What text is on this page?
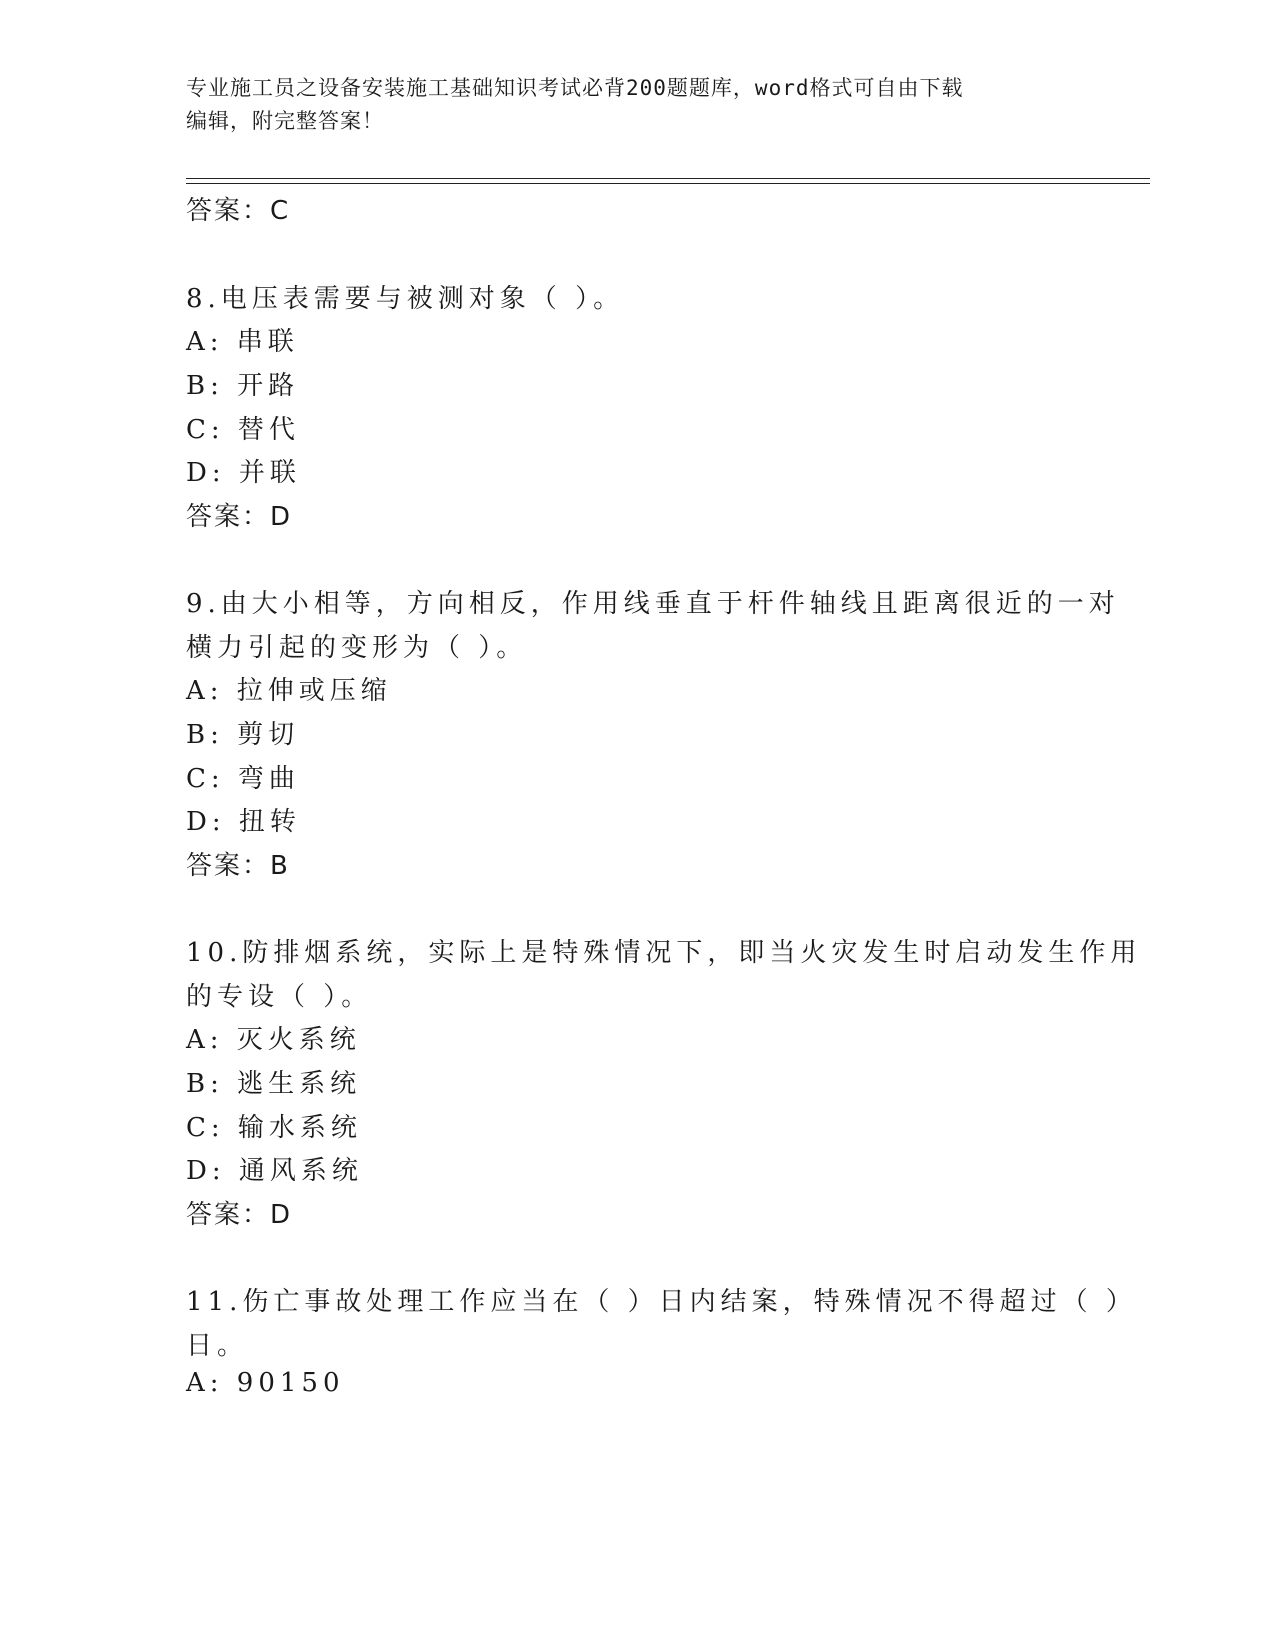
专业施工员之设备安装施工基础知识考试必背200题题库，word格式可自由下载
编辑，附完整答案！
答案：C
8.电压表需要与被测对象（ ）。
A: 串联
B: 开路
C: 替代
D: 并联
答案：D
9.由大小相等，方向相反，作用线垂直于杆件轴线且距离很近的一对
横力引起的变形为（ ）。
A: 拉伸或压缩
B: 剪切
C: 弯曲
D: 扭转
答案：B
10.防排烟系统，实际上是特殊情况下，即当火灾发生时启动发生作用
的专设（ ）。
A: 灭火系统
B: 逃生系统
C: 输水系统
D: 通风系统
答案：D
11.伤亡事故处理工作应当在（ ）日内结案，特殊情况不得超过（ ）
日。
A: 90150
